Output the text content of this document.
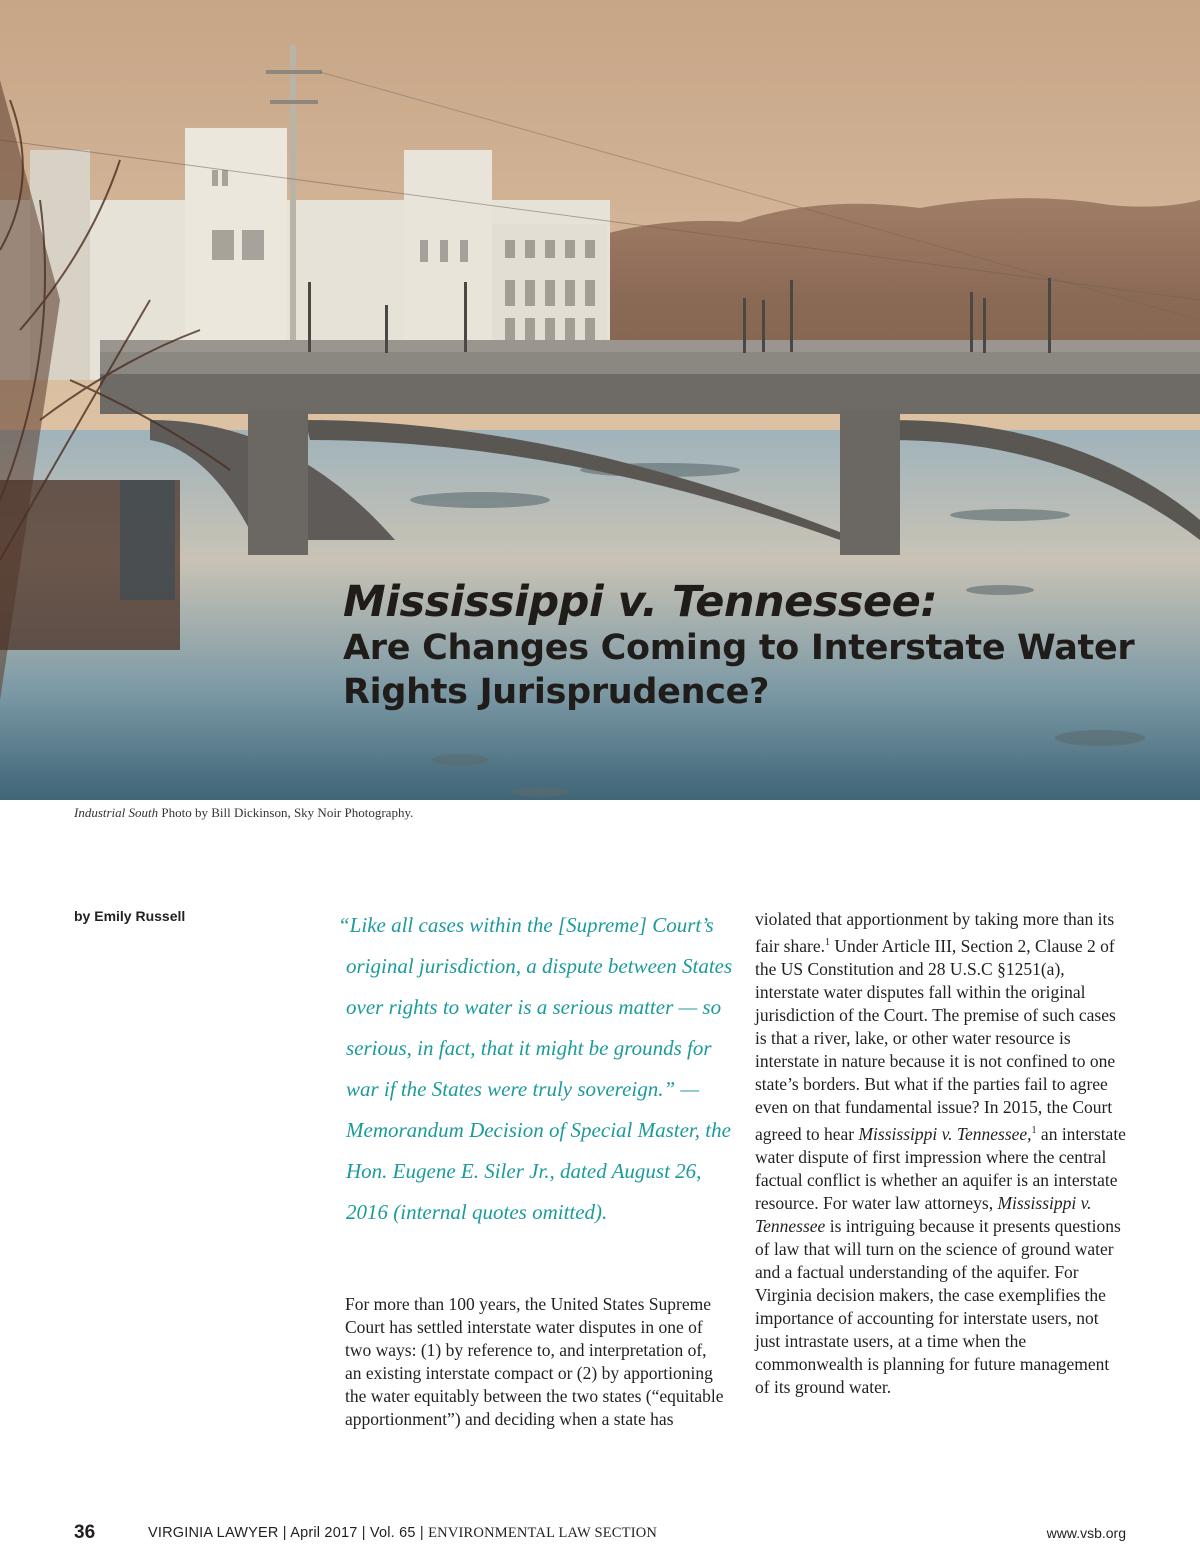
Mississippi v. Tennessee:
Are Changes Coming to Interstate Water Rights Jurisprudence?
Industrial South Photo by Bill Dickinson, Sky Noir Photography.
by Emily Russell	“Like all cases within the [Supreme] Court’s original jurisdiction, a dispute between States over rights to water is a serious matter — so serious, in fact, that it might be grounds for war if the States were truly sovereign.” — Memorandum Decision of Special Master, the Hon. Eugene E. Siler Jr., dated August 26, 2016 (internal quotes omitted).

For more than 100 years, the United States Supreme Court has settled interstate water disputes in one of two ways: (1) by reference to, and interpretation of, an existing interstate compact or (2) by apportioning the water equitably between the two states (“equitable apportionment”) and deciding when a state has

violated that apportionment by taking more than its fair share.$^1$ Under Article III, Section 2, Clause 2 of the US Constitution and 28 U.S.C §1251(a), interstate water disputes fall within the original jurisdiction of the Court. The premise of such cases is that a river, lake, or other water resource is interstate in nature because it is not confined to one state’s borders. But what if the parties fail to agree even on that fundamental issue? In 2015, the Court agreed to hear Mississippi v. Tennessee,$^1$ an interstate water dispute of first impression where the central factual conflict is whether an aquifer is an interstate resource. For water law attorneys, Mississippi v. Tennessee is intriguing because it presents questions of law that will turn on the science of ground water and a factual understanding of the aquifer. For Virginia decision makers, the case exemplifies the importance of accounting for interstate users, not just intrastate users, at a time when the commonwealth is planning for future management of its ground water.

36	VIRGINIA LAWYER | April 2017 | Vol. 65 | ENVIRONMENTAL LAW SECTION	www.vsb.org
